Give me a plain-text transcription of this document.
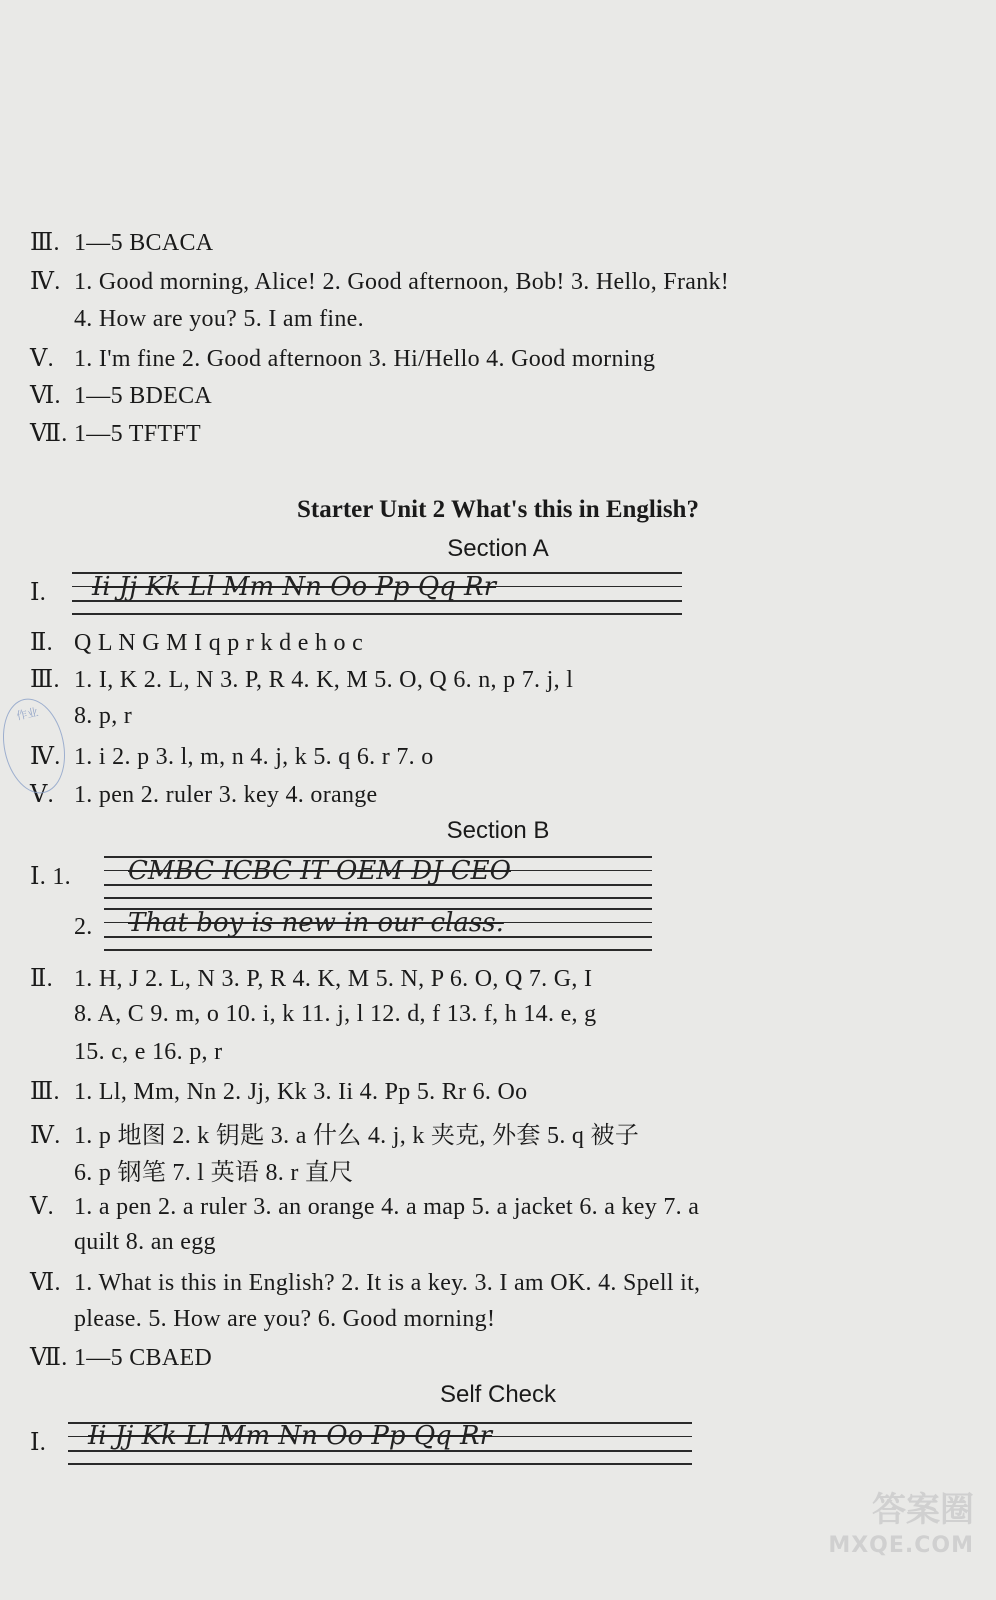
Ⅲ. 1—5 BCACA
Ⅳ. 1. Good morning, Alice! 2. Good afternoon, Bob! 3. Hello, Frank!
4. How are you? 5. I am fine.
Ⅴ. 1. I'm fine 2. Good afternoon 3. Hi/Hello 4. Good morning
Ⅵ. 1—5 BDECA
Ⅶ. 1—5 TFTFT
Starter Unit 2 What's this in English?
Section A
Ⅰ.	Ii Jj Kk Ll Mm Nn Oo Pp Qq Rr
Ⅱ. Q L N G M I q p r k d e h o c
Ⅲ. 1. I, K 2. L, N 3. P, R 4. K, M 5. O, Q 6. n, p 7. j, l
8. p, r
Ⅳ. 1. i 2. p 3. l, m, n 4. j, k 5. q 6. r 7. o
Ⅴ. 1. pen 2. ruler 3. key 4. orange
作业
Section B
Ⅰ. 1. CMBC ICBC IT OEM DJ CEO
2. That boy is new in our class.
Ⅱ. 1. H, J 2. L, N 3. P, R 4. K, M 5. N, P 6. O, Q 7. G, I
8. A, C 9. m, o 10. i, k 11. j, l 12. d, f 13. f, h 14. e, g
15. c, e 16. p, r
Ⅲ. 1. Ll, Mm, Nn 2. Jj, Kk 3. Ii 4. Pp 5. Rr 6. Oo
Ⅳ. 1. p 地图 2. k 钥匙 3. a 什么 4. j, k 夹克, 外套 5. q 被子
6. p 钢笔 7. l 英语 8. r 直尺
Ⅴ. 1. a pen 2. a ruler 3. an orange 4. a map 5. a jacket 6. a key 7. a
quilt 8. an egg
Ⅵ. 1. What is this in English? 2. It is a key. 3. I am OK. 4. Spell it,
please. 5. How are you? 6. Good morning!
Ⅶ. 1—5 CBAED
Self Check
Ⅰ.	Ii Jj Kk Ll Mm Nn Oo Pp Qq Rr
答案圈
MXQE.COM
